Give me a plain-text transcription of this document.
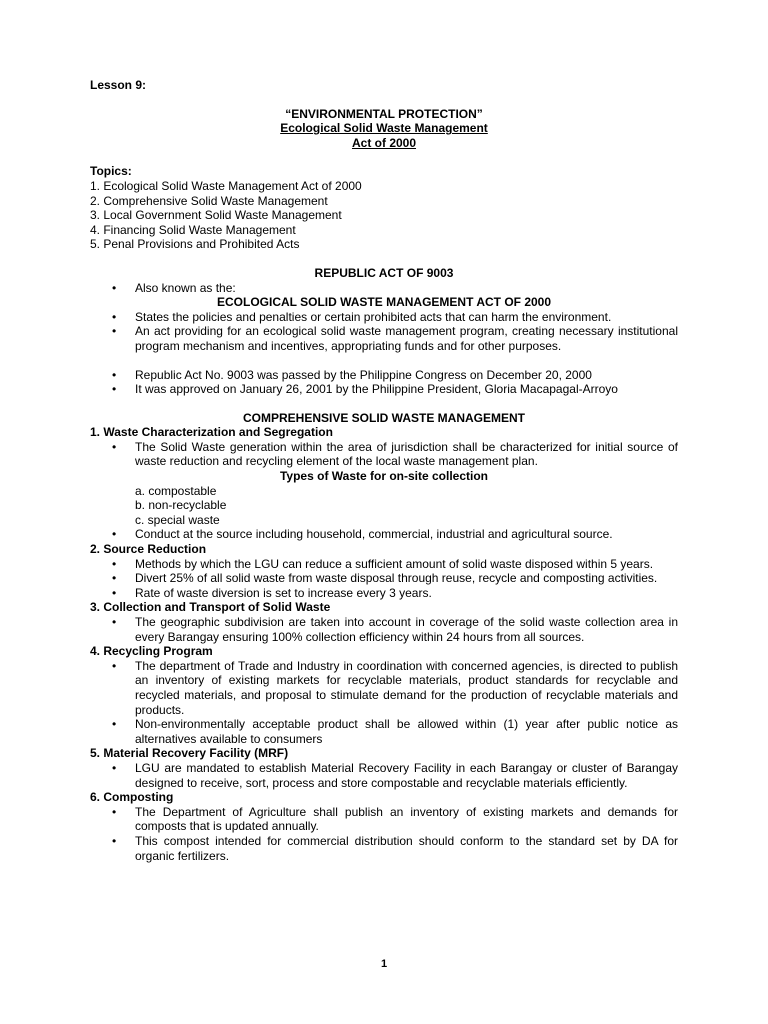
Lesson 9:
“ENVIRONMENTAL PROTECTION”
Ecological Solid Waste Management
Act of 2000
Topics:
1. Ecological Solid Waste Management Act of 2000
2. Comprehensive Solid Waste Management
3. Local Government Solid Waste Management
4. Financing Solid Waste Management
5. Penal Provisions and Prohibited Acts
REPUBLIC ACT OF 9003
• Also known as the:
ECOLOGICAL SOLID WASTE MANAGEMENT ACT OF 2000
• States the policies and penalties or certain prohibited acts that can harm the environment.
• An act providing for an ecological solid waste management program, creating necessary institutional program mechanism and incentives, appropriating funds and for other purposes.
• Republic Act No. 9003 was passed by the Philippine Congress on December 20, 2000
• It was approved on January 26, 2001 by the Philippine President, Gloria Macapagal-Arroyo
COMPREHENSIVE SOLID WASTE MANAGEMENT
1. Waste Characterization and Segregation
• The Solid Waste generation within the area of jurisdiction shall be characterized for initial source of waste reduction and recycling element of the local waste management plan.
Types of Waste for on-site collection
a. compostable
b. non-recyclable
c. special waste
• Conduct at the source including household, commercial, industrial and agricultural source.
2. Source Reduction
• Methods by which the LGU can reduce a sufficient amount of solid waste disposed within 5 years.
• Divert 25% of all solid waste from waste disposal through reuse, recycle and composting activities.
• Rate of waste diversion is set to increase every 3 years.
3. Collection and Transport of Solid Waste
• The geographic subdivision are taken into account in coverage of the solid waste collection area in every Barangay ensuring 100% collection efficiency within 24 hours from all sources.
4. Recycling Program
• The department of Trade and Industry in coordination with concerned agencies, is directed to publish an inventory of existing markets for recyclable materials, product standards for recyclable and recycled materials, and proposal to stimulate demand for the production of recyclable materials and products.
• Non-environmentally acceptable product shall be allowed within (1) year after public notice as alternatives available to consumers
5. Material Recovery Facility (MRF)
• LGU are mandated to establish Material Recovery Facility in each Barangay or cluster of Barangay designed to receive, sort, process and store compostable and recyclable materials efficiently.
6. Composting
• The Department of Agriculture shall publish an inventory of existing markets and demands for composts that is updated annually.
• This compost intended for commercial distribution should conform to the standard set by DA for organic fertilizers.
1
